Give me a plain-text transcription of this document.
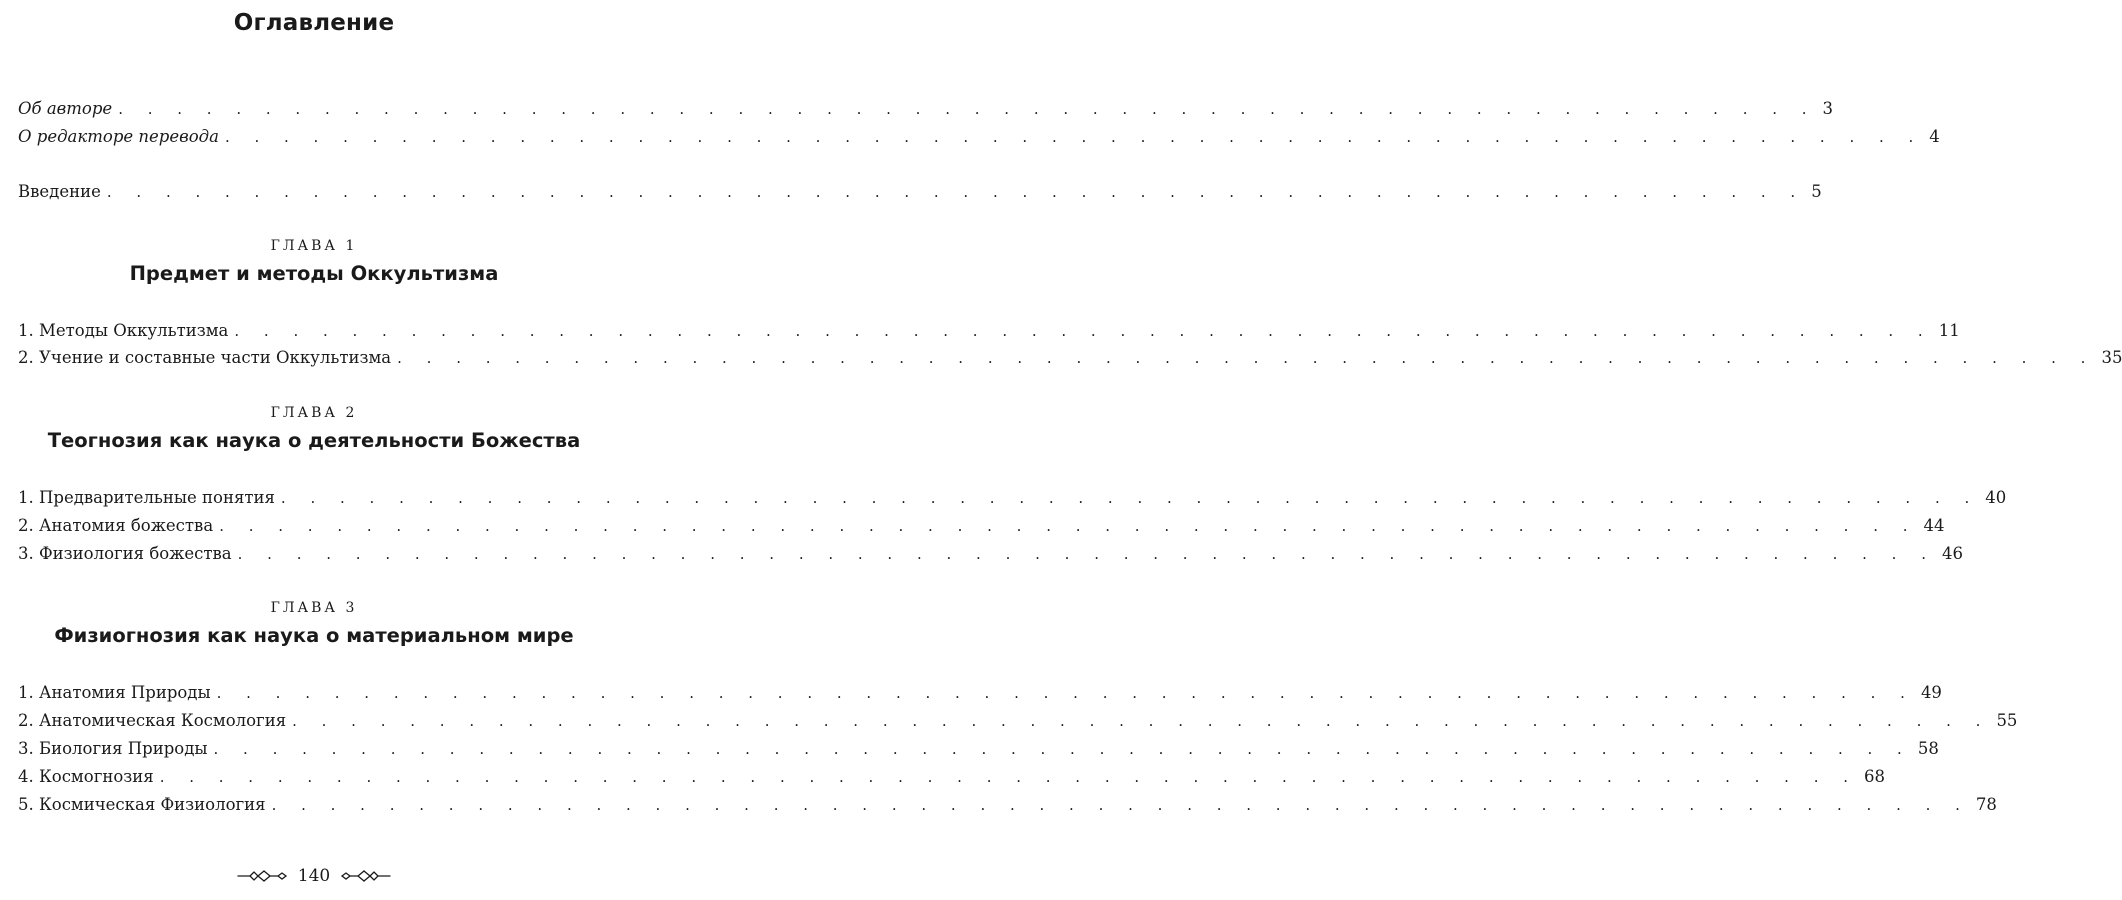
Оглавление
Об авторе . . . . . . . . . . . . . . . . . . . . . . . . . . . . . . . . . . . . . . . . . . . . . . . . . . . . . . . . . . 3
О редакторе перевода . . . . . . . . . . . . . . . . . . . . . . . . . . . . . . . . . . . . . . . . . . . . . . . . . . . . . . . . . . 4
Введение . . . . . . . . . . . . . . . . . . . . . . . . . . . . . . . . . . . . . . . . . . . . . . . . . . . . . . . . . . 5
ГЛАВА 1
Предмет и методы Оккультизма
1. Методы Оккультизма . . . . . . . . . . . . . . . . . . . . . . . . . . . . . . . . . . . . . . . . . . . . . . . . . . . . . . . . . . 11
2. Учение и составные части Оккультизма . . . . . . . . . . . . . . . . . . . . . . . . . . . . . . . . . . . . . . . . . . . . . . . . . . . . . . . . . . 35
ГЛАВА 2
Теогнозия как наука о деятельности Божества
1. Предварительные понятия . . . . . . . . . . . . . . . . . . . . . . . . . . . . . . . . . . . . . . . . . . . . . . . . . . . . . . . . . . 40
2. Анатомия божества . . . . . . . . . . . . . . . . . . . . . . . . . . . . . . . . . . . . . . . . . . . . . . . . . . . . . . . . . . 44
3. Физиология божества . . . . . . . . . . . . . . . . . . . . . . . . . . . . . . . . . . . . . . . . . . . . . . . . . . . . . . . . . . 46
ГЛАВА 3
Физиогнозия как наука о материальном мире
1. Анатомия Природы . . . . . . . . . . . . . . . . . . . . . . . . . . . . . . . . . . . . . . . . . . . . . . . . . . . . . . . . . . 49
2. Анатомическая Космология . . . . . . . . . . . . . . . . . . . . . . . . . . . . . . . . . . . . . . . . . . . . . . . . . . . . . . . . . . 55
3. Биология Природы . . . . . . . . . . . . . . . . . . . . . . . . . . . . . . . . . . . . . . . . . . . . . . . . . . . . . . . . . . 58
4. Космогнозия . . . . . . . . . . . . . . . . . . . . . . . . . . . . . . . . . . . . . . . . . . . . . . . . . . . . . . . . . . 68
5. Космическая Физиология . . . . . . . . . . . . . . . . . . . . . . . . . . . . . . . . . . . . . . . . . . . . . . . . . . . . . . . . . . 78
140
